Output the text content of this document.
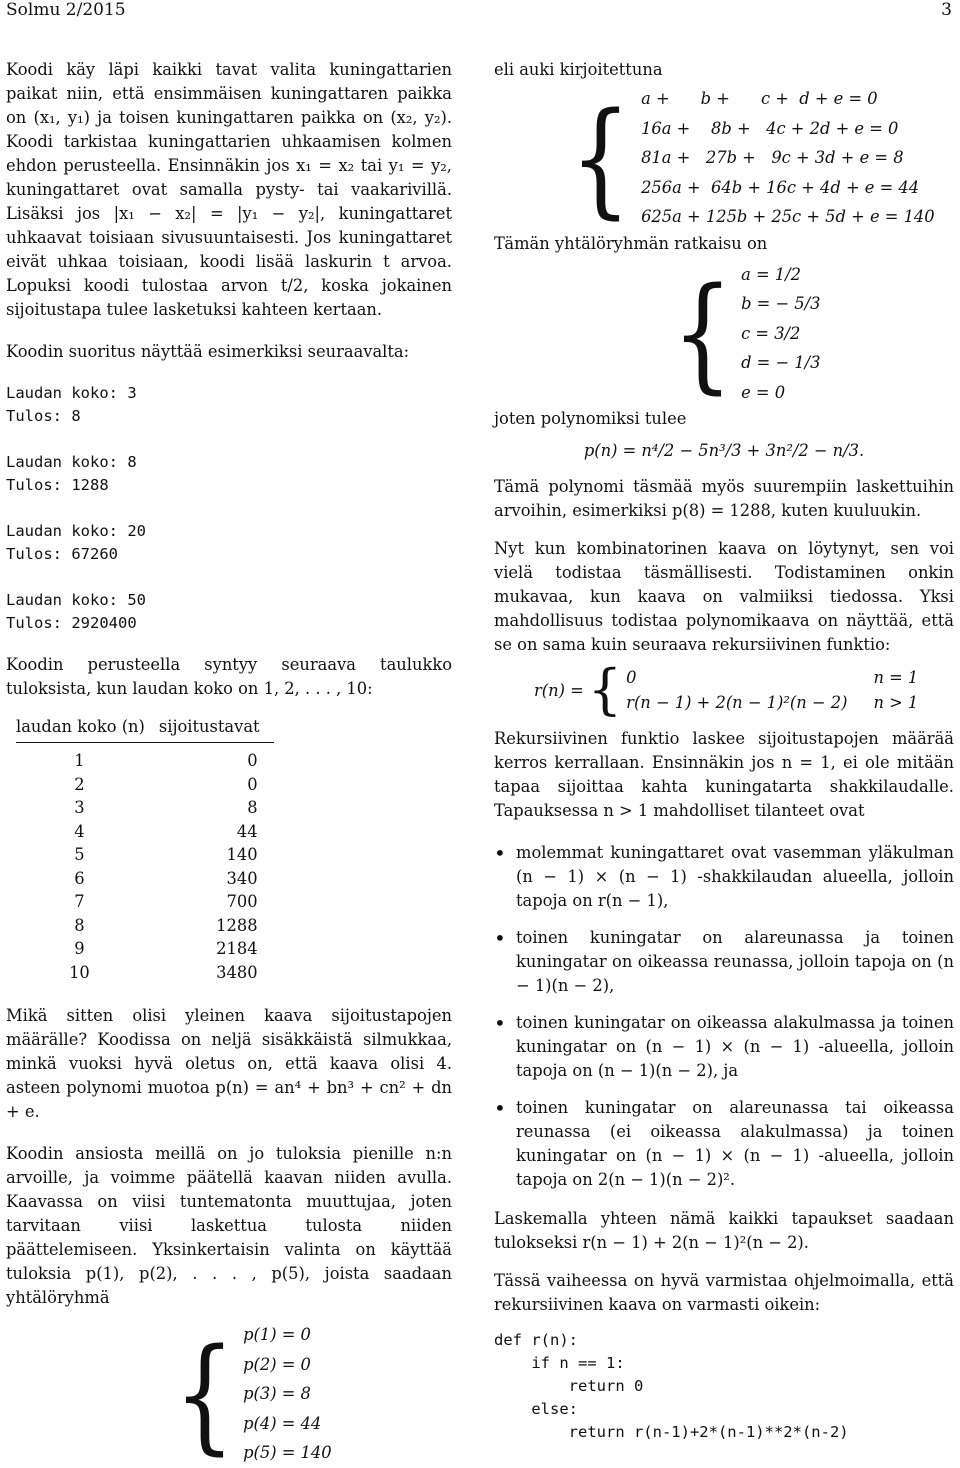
Solmu 2/2015	3

Koodi käy läpi kaikki tavat valita kuningattarien paikat niin, että ensimmäisen kuningattaren paikka on (x₁, y₁) ja toisen kuningattaren paikka on (x₂, y₂). Koodi tarkistaa kuningattarien uhkaamisen kolmen ehdon perusteella. Ensinnäkin jos x₁ = x₂ tai y₁ = y₂, kuningattaret ovat samalla pysty- tai vaakarivillä. Lisäksi jos |x₁ − x₂| = |y₁ − y₂|, kuningattaret uhkaavat toisiaan sivusuuntaisesti. Jos kuningattaret eivät uhkaa toisiaan, koodi lisää laskurin t arvoa. Lopuksi koodi tulostaa arvon t/2, koska jokainen sijoitustapa tulee lasketuksi kahteen kertaan.

Koodin suoritus näyttää esimerkiksi seuraavalta:

Laudan koko: 3
Tulos: 8
Laudan koko: 8
Tulos: 1288
Laudan koko: 20
Tulos: 67260
Laudan koko: 50
Tulos: 2920400

Koodin perusteella syntyy seuraava taulukko tuloksista, kun laudan koko on 1, 2, . . . , 10:

laudan koko (n)	sijoitustavat
1	0
2	0
3	8
4	44
5	140
6	340
7	700
8	1288
9	2184
10	3480

Mikä sitten olisi yleinen kaava sijoitustapojen määrälle? Koodissa on neljä sisäkkäistä silmukkaa, minkä vuoksi hyvä oletus on, että kaava olisi 4. asteen polynomi muotoa p(n) = an⁴ + bn³ + cn² + dn + e.

Koodin ansiosta meillä on jo tuloksia pienille n:n arvoille, ja voimme päätellä kaavan niiden avulla. Kaavassa on viisi tuntematonta muuttujaa, joten tarvitaan viisi laskettua tulosta niiden päättelemiseen. Yksinkertaisin valinta on käyttää tuloksia p(1), p(2), . . . , p(5), joista saadaan yhtälöryhmä

{ p(1) = 0
p(2) = 0
p(3) = 8
p(4) = 44
p(5) = 140

eli auki kirjoitettuna

{ a +      b +      c +  d + e = 0
16a +    8b +   4c + 2d + e = 0
81a +   27b +   9c + 3d + e = 8
256a +  64b + 16c + 4d + e = 44
625a + 125b + 25c + 5d + e = 140

Tämän yhtälöryhmän ratkaisu on

{ a = 1/2
b = − 5/3
c = 3/2
d = − 1/3
e = 0

joten polynomiksi tulee

p(n) = n⁴/2 − 5n³/3 + 3n²/2 − n/3.

Tämä polynomi täsmää myös suurempiin laskettuihin arvoihin, esimerkiksi p(8) = 1288, kuten kuuluukin.

Nyt kun kombinatorinen kaava on löytynyt, sen voi vielä todistaa täsmällisesti. Todistaminen onkin mukavaa, kun kaava on valmiiksi tiedossa. Yksi mahdollisuus todistaa polynomikaava on näyttää, että se on sama kuin seuraava rekursiivinen funktio:

r(n) = { 0	n = 1
r(n − 1) + 2(n − 1)²(n − 2) n > 1

Rekursiivinen funktio laskee sijoitustapojen määrää kerros kerrallaan. Ensinnäkin jos n = 1, ei ole mitään tapaa sijoittaa kahta kuningatarta shakkilaudalle. Tapauksessa n > 1 mahdolliset tilanteet ovat

• molemmat kuningattaret ovat vasemman yläkulman (n − 1) × (n − 1) -shakkilaudan alueella, jolloin tapoja on r(n − 1),
• toinen kuningatar on alareunassa ja toinen kuningatar on oikeassa reunassa, jolloin tapoja on (n − 1)(n − 2),
• toinen kuningatar on oikeassa alakulmassa ja toinen kuningatar on (n − 1) × (n − 1) -alueella, jolloin tapoja on (n − 1)(n − 2), ja
• toinen kuningatar on alareunassa tai oikeassa reunassa (ei oikeassa alakulmassa) ja toinen kuningatar on (n − 1) × (n − 1) -alueella, jolloin tapoja on 2(n − 1)(n − 2)².

Laskemalla yhteen nämä kaikki tapaukset saadaan tulokseksi r(n − 1) + 2(n − 1)²(n − 2).

Tässä vaiheessa on hyvä varmistaa ohjelmoimalla, että rekursiivinen kaava on varmasti oikein:

def r(n):
if n == 1:
return 0
else:
return r(n-1)+2*(n-1)**2*(n-2)
